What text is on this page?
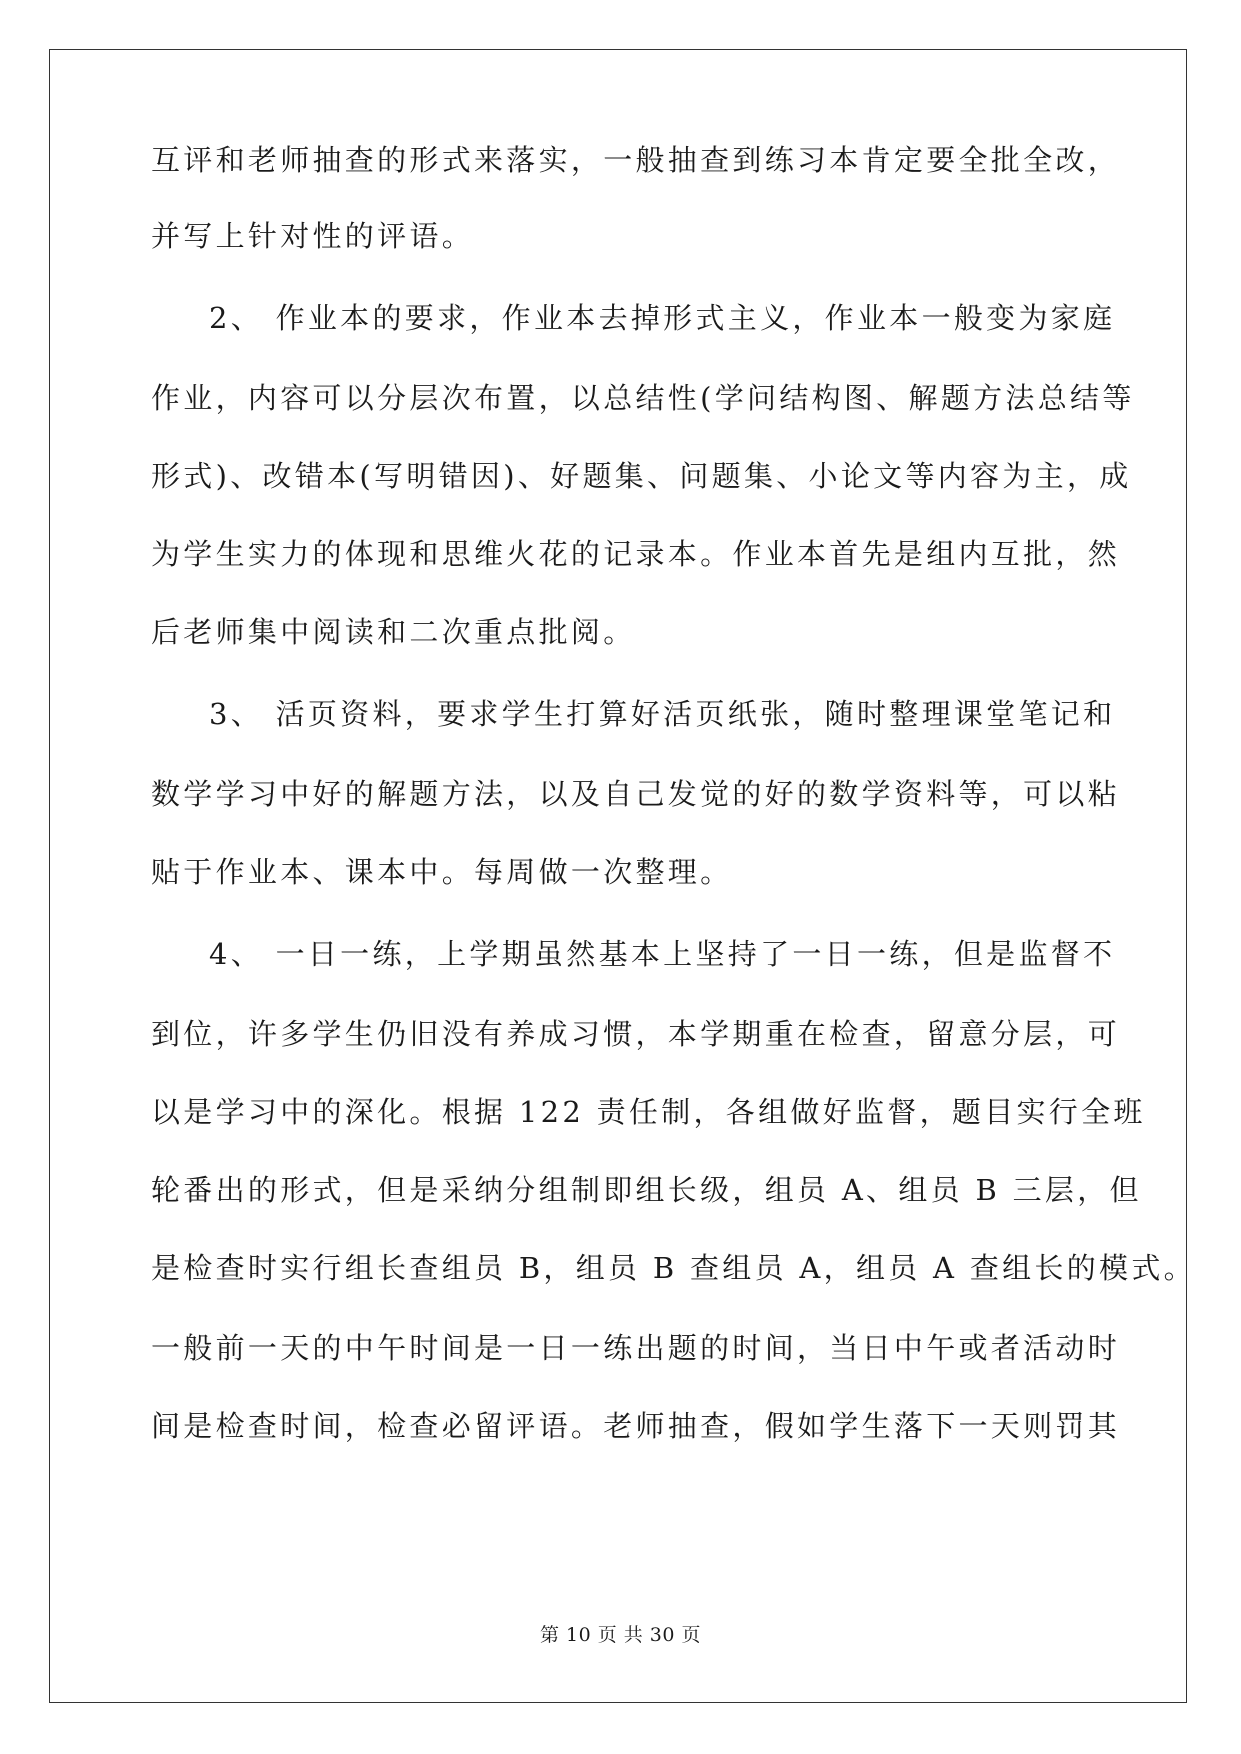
互评和老师抽查的形式来落实，一般抽查到练习本肯定要全批全改，
并写上针对性的评语。
2、 作业本的要求，作业本去掉形式主义，作业本一般变为家庭
作业，内容可以分层次布置，以总结性(学问结构图、解题方法总结等
形式)、改错本(写明错因)、好题集、问题集、小论文等内容为主，成
为学生实力的体现和思维火花的记录本。作业本首先是组内互批，然
后老师集中阅读和二次重点批阅。
3、 活页资料，要求学生打算好活页纸张，随时整理课堂笔记和
数学学习中好的解题方法，以及自己发觉的好的数学资料等，可以粘
贴于作业本、课本中。每周做一次整理。
4、 一日一练，上学期虽然基本上坚持了一日一练，但是监督不
到位，许多学生仍旧没有养成习惯，本学期重在检查，留意分层，可
以是学习中的深化。根据 122 责任制，各组做好监督，题目实行全班
轮番出的形式，但是采纳分组制即组长级，组员 A、组员 B 三层，但
是检查时实行组长查组员 B，组员 B 查组员 A，组员 A 查组长的模式。
一般前一天的中午时间是一日一练出题的时间，当日中午或者活动时
间是检查时间，检查必留评语。老师抽查，假如学生落下一天则罚其
第 10 页 共 30 页
